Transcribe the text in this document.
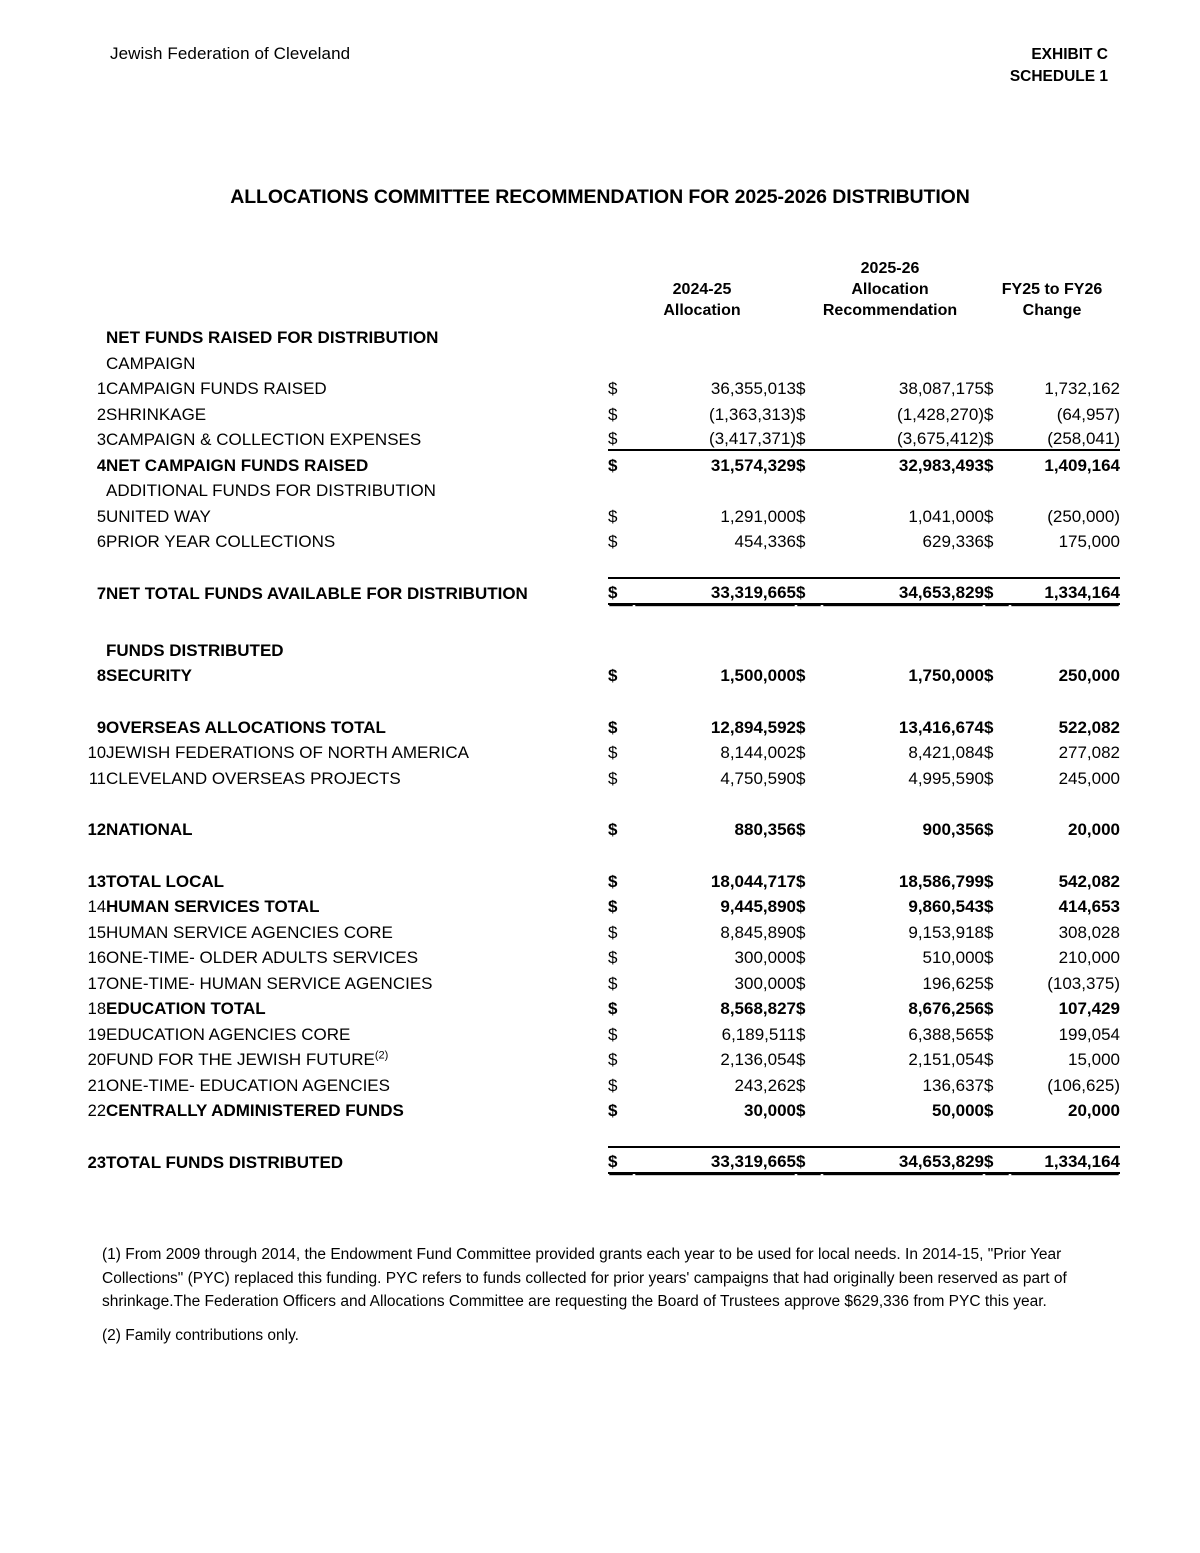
Jewish Federation of Cleveland	EXHIBIT C
SCHEDULE 1
ALLOCATIONS COMMITTEE RECOMMENDATION FOR 2025-2026 DISTRIBUTION

2024-25
Allocation

2025-26
Allocation
Recommendation

FY25 to FY26
Change

	NET FUNDS RAISED FOR DISTRIBUTION						
	CAMPAIGN						
1	CAMPAIGN FUNDS RAISED	$	36,355,013	$	38,087,175	$	1,732,162
2	SHRINKAGE	$	(1,363,313)	$	(1,428,270)	$	(64,957)
3	CAMPAIGN & COLLECTION EXPENSES	$	(3,417,371)	$	(3,675,412)	$	(258,041)
4	NET CAMPAIGN FUNDS RAISED	$	31,574,329	$	32,983,493	$	1,409,164
	ADDITIONAL FUNDS FOR DISTRIBUTION						
5	UNITED WAY	$	1,291,000	$	1,041,000	$	(250,000)
6	PRIOR YEAR COLLECTIONS	$	454,336	$	629,336	$	175,000

7	NET TOTAL FUNDS AVAILABLE FOR DISTRIBUTION	$	33,319,665	$	34,653,829	$	1,334,164

	FUNDS DISTRIBUTED						
8	SECURITY	$	1,500,000	$	1,750,000	$	250,000

9	OVERSEAS ALLOCATIONS TOTAL	$	12,894,592	$	13,416,674	$	522,082
10	JEWISH FEDERATIONS OF NORTH AMERICA	$	8,144,002	$	8,421,084	$	277,082
11	CLEVELAND OVERSEAS PROJECTS	$	4,750,590	$	4,995,590	$	245,000

12	NATIONAL	$	880,356	$	900,356	$	20,000

13	TOTAL LOCAL	$	18,044,717	$	18,586,799	$	542,082
14	HUMAN SERVICES TOTAL	$	9,445,890	$	9,860,543	$	414,653
15	HUMAN SERVICE AGENCIES CORE	$	8,845,890	$	9,153,918	$	308,028
16	ONE-TIME- OLDER ADULTS SERVICES	$	300,000	$	510,000	$	210,000
17	ONE-TIME- HUMAN SERVICE AGENCIES	$	300,000	$	196,625	$	(103,375)
18	EDUCATION TOTAL	$	8,568,827	$	8,676,256	$	107,429
19	EDUCATION AGENCIES CORE	$	6,189,511	$	6,388,565	$	199,054
20	FUND FOR THE JEWISH FUTURE$^{(2)}$	$	2,136,054	$	2,151,054	$	15,000
21	ONE-TIME- EDUCATION AGENCIES	$	243,262	$	136,637	$	(106,625)
22	CENTRALLY ADMINISTERED FUNDS	$	30,000	$	50,000	$	20,000

23	TOTAL FUNDS DISTRIBUTED	$	33,319,665	$	34,653,829	$	1,334,164
(1) From 2009 through 2014, the Endowment Fund Committee provided grants each year to be used for local needs. In 2014-15, "Prior Year Collections" (PYC) replaced this funding. PYC refers to funds collected for prior years' campaigns that had originally been reserved as part of shrinkage.The Federation Officers and Allocations Committee are requesting the Board of Trustees approve $629,336 from PYC this year.
(2) Family contributions only.
